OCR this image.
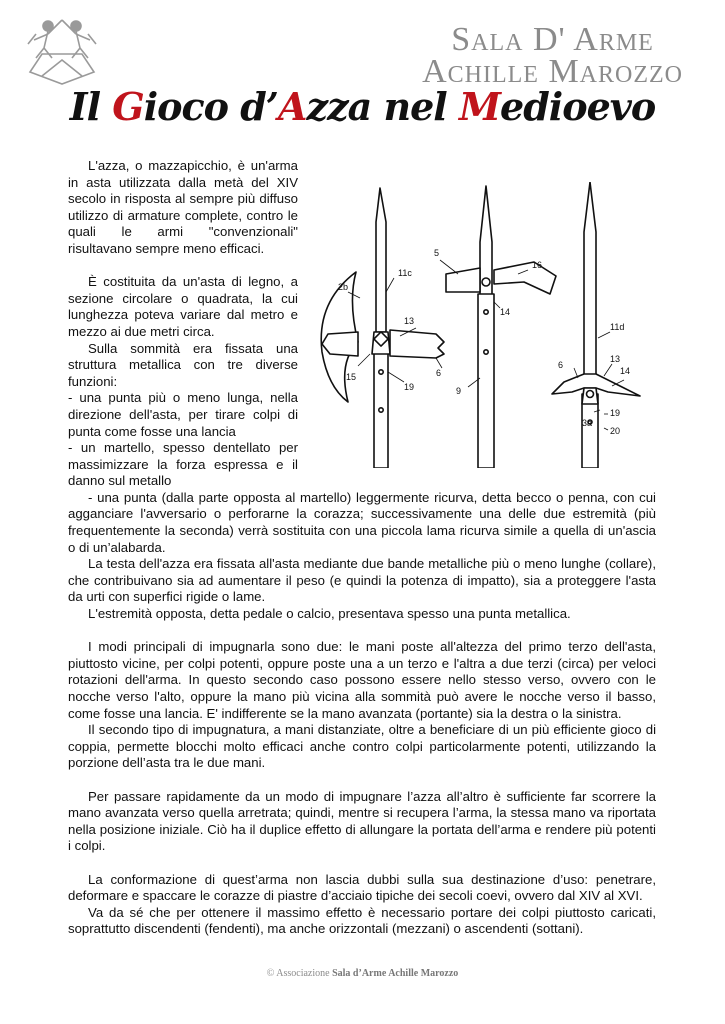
Sala D' Arme
Achille Marozzo
Il Gioco d’Azza nel Medioevo
2b
11c
13
6
15
19
5
16
14
9
11d
6
13
14
3a
19
20

L'azza, o mazzapicchio, è un'arma in asta utilizzata dalla metà del XIV secolo in risposta al sempre più diffuso utilizzo di armature complete, contro le quali le armi "convenzionali" risultavano sempre meno efficaci.

È costituita da un'asta di legno, a sezione circolare o quadrata, la cui lunghezza poteva variare dal metro e mezzo ai due metri circa.

Sulla sommità era fissata una struttura metallica con tre diverse funzioni:

- una punta più o meno lunga, nella direzione dell'asta, per tirare colpi di punta come fosse una lancia

- un martello, spesso dentellato per massimizzare la forza espressa e il danno sul metallo

- una punta (dalla parte opposta al martello) leggermente ricurva, detta becco o penna, con cui agganciare l'avversario o perforarne la corazza; successivamente una delle due estremità (più frequentemente la seconda) verrà sostituita con una piccola lama ricurva simile a quella di un'ascia o di un’alabarda.

La testa dell'azza era fissata all'asta mediante due bande metalliche più o meno lunghe (collare), che contribuivano sia ad aumentare il peso (e quindi la potenza di impatto), sia a proteggere l'asta da urti con superfici rigide o lame.

L'estremità opposta, detta pedale o calcio, presentava spesso una punta metallica.

I modi principali di impugnarla sono due: le mani poste all'altezza del primo terzo dell'asta, piuttosto vicine, per colpi potenti, oppure poste una a un terzo e l'altra a due terzi (circa) per veloci rotazioni dell'arma. In questo secondo caso possono essere nello stesso verso, ovvero con le nocche verso l'alto, oppure la mano più vicina alla sommità può avere le nocche verso il basso, come fosse una lancia. E' indifferente se la mano avanzata (portante) sia la destra o la sinistra.

Il secondo tipo di impugnatura, a mani distanziate, oltre a beneficiare di un più efficiente gioco di coppia, permette blocchi molto efficaci anche contro colpi particolarmente potenti, utilizzando la porzione dell’asta tra le due mani.

Per passare rapidamente da un modo di impugnare l’azza all’altro è sufficiente far scorrere la mano avanzata verso quella arretrata; quindi, mentre si recupera l’arma, la stessa mano va riportata nella posizione iniziale. Ciò ha il duplice effetto di allungare la portata dell’arma e rendere più potenti i colpi.

La conformazione di quest’arma non lascia dubbi sulla sua destinazione d’uso: penetrare, deformare e spaccare le corazze di piastre d’acciaio tipiche dei secoli coevi, ovvero dal XIV al XVI.

Va da sé che per ottenere il massimo effetto è necessario portare dei colpi piuttosto caricati, soprattutto discendenti (fendenti), ma anche orizzontali (mezzani) o ascendenti (sottani).

© Associazione Sala d’Arme Achille Marozzo
